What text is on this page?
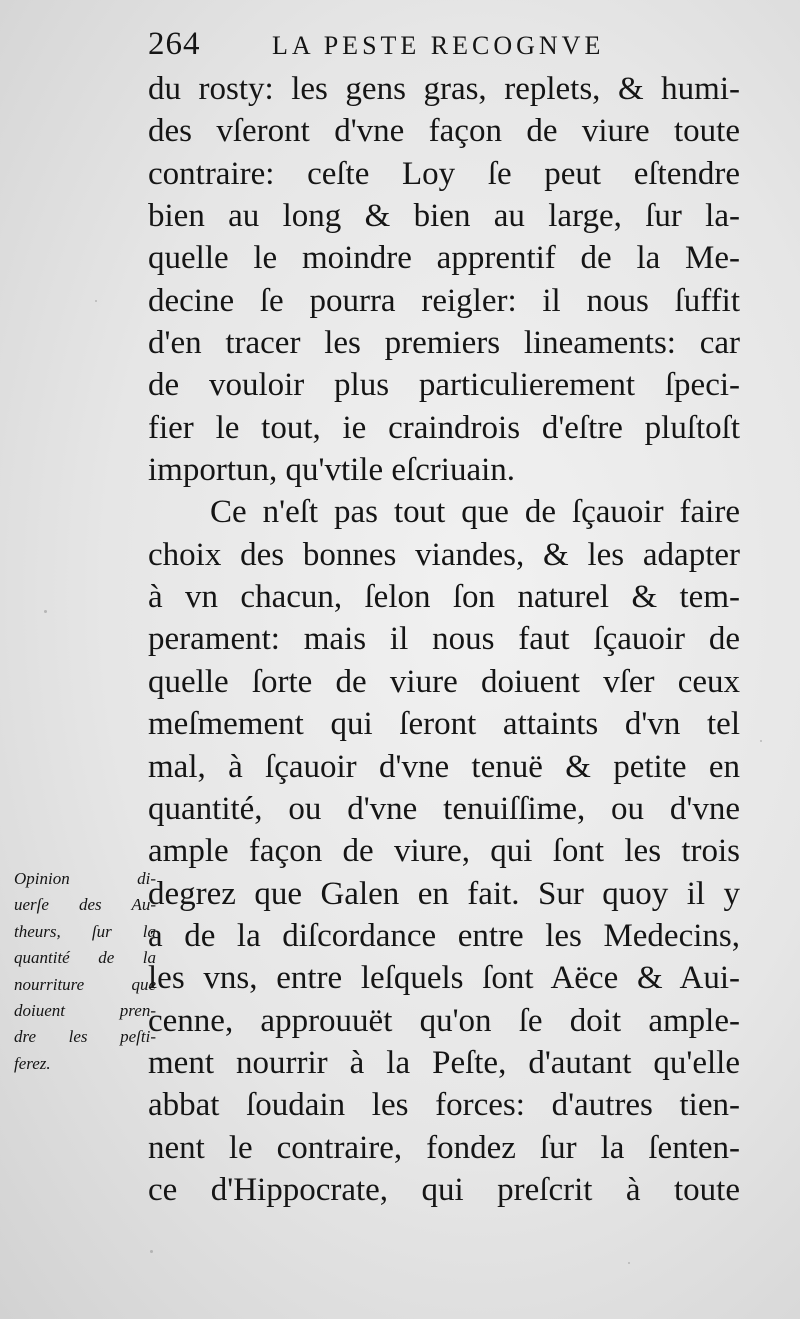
264	LA PESTE RECOGNVE
du rosty: les gens gras, replets, & humi-
des vſeront d'vne façon de viure toute
contraire: ceſte Loy ſe peut eſtendre
bien au long & bien au large, ſur la-
quelle le moindre apprentif de la Me-
decine ſe pourra reigler: il nous ſuffit
d'en tracer les premiers lineaments: car
de vouloir plus particulierement ſpeci-
fier le tout, ie craindrois d'eſtre pluſtoſt
importun, qu'vtile eſcriuain.
Ce n'eſt pas tout que de ſçauoir faire
choix des bonnes viandes, & les adapter
à vn chacun, ſelon ſon naturel & tem-
perament: mais il nous faut ſçauoir de
quelle ſorte de viure doiuent vſer ceux
meſmement qui ſeront attaints d'vn tel
mal, à ſçauoir d'vne tenuë & petite en
quantité, ou d'vne tenuiſſime, ou d'vne
ample façon de viure, qui ſont les trois
degrez que Galen en fait. Sur quoy il y
a de la diſcordance entre les Medecins,
les vns, entre leſquels ſont Aëce & Aui-
cenne, approuuët qu'on ſe doit ample-
ment nourrir à la Peſte, d'autant qu'elle
abbat ſoudain les forces: d'autres tien-
nent le contraire, fondez ſur la ſenten-
ce d'Hippocrate, qui preſcrit à toute
Opinion di-
uerſe des Au-
theurs, ſur la
quantité de la
nourriture que
doiuent pren-
dre les peſti-
ferez.
